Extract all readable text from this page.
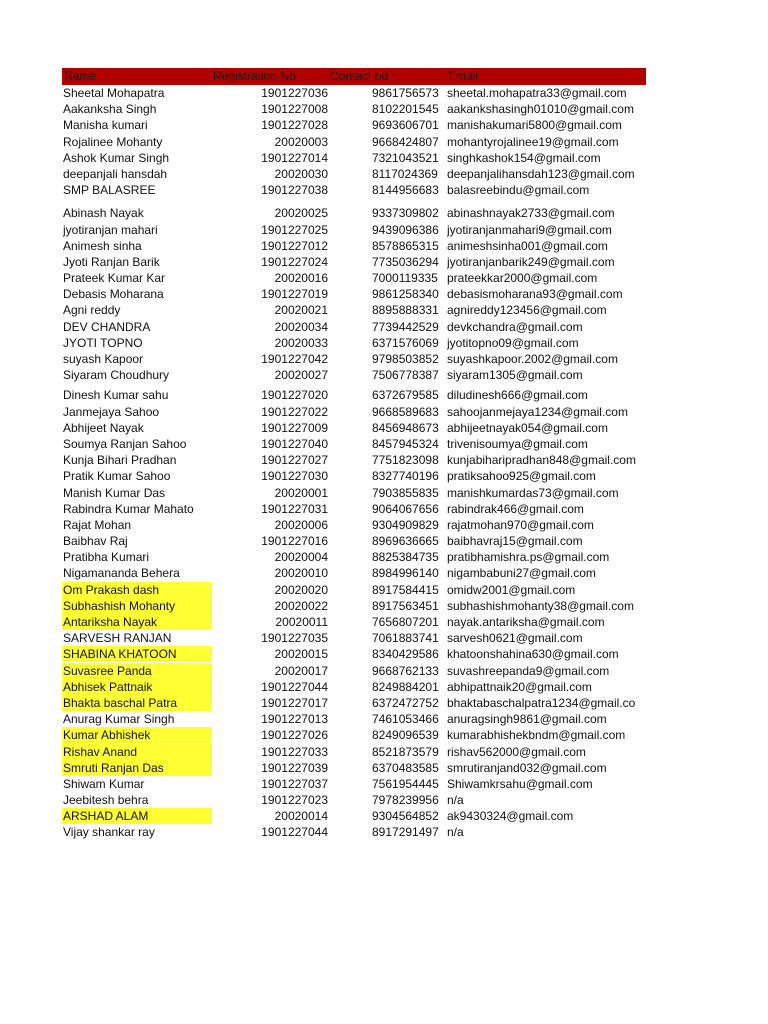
Name	Registration No	Contact no	Email
Sheetal Mohapatra	1901227036	9861756573 sheetal.mohapatra33@gmail.com
Aakanksha Singh	1901227008	8102201545 aakankshasingh01010@gmail.com
Manisha kumari	1901227028	9693606701 manishakumari5800@gmail.com
Rojalinee Mohanty	20020003	9668424807 mohantyrojalinee19@gmail.com
Ashok Kumar Singh	1901227014	7321043521 singhkashok154@gmail.com
deepanjali hansdah	20020030	8117024369 deepanjalihansdah123@gmail.com
SMP BALASREE	1901227038	8144956683 balasreebindu@gmail.com
Abinash Nayak	20020025	9337309802 abinashnayak2733@gmail.com
jyotiranjan mahari	1901227025	9439096386 jyotiranjanmahari9@gmail.com
Animesh sinha	1901227012	8578865315 animeshsinha001@gmail.com
Jyoti Ranjan Barik	1901227024	7735036294 jyotiranjanbarik249@gmail.com
Prateek Kumar Kar	20020016	7000119335 prateekkar2000@gmail.com
Debasis Moharana	1901227019	9861258340 debasismoharana93@gmail.com
Agni reddy	20020021	8895888331 agnireddy123456@gmail.com
DEV CHANDRA	20020034	7739442529 devkchandra@gmail.com
JYOTI TOPNO	20020033	6371576069 jyotitopno09@gmail.com
suyash Kapoor	1901227042	9798503852 suyashkapoor.2002@gmail.com
Siyaram Choudhury	20020027	7506778387 siyaram1305@gmail.com
Dinesh Kumar sahu	1901227020	6372679585 diludinesh666@gmail.com
Janmejaya Sahoo	1901227022	9668589683 sahoojanmejaya1234@gmail.com
Abhijeet Nayak	1901227009	8456948673 abhijeetnayak054@gmail.com
Soumya Ranjan Sahoo	1901227040	8457945324 trivenisoumya@gmail.com
Kunja Bihari Pradhan	1901227027	7751823098 kunjabiharipradhan848@gmail.com
Pratik Kumar Sahoo	1901227030	8327740196 pratiksahoo925@gmail.com
Manish Kumar Das	20020001	7903855835 manishkumardas73@gmail.com
Rabindra Kumar Mahato	1901227031	9064067656 rabindrak466@gmail.com
Rajat Mohan	20020006	9304909829 rajatmohan970@gmail.com
Baibhav Raj	1901227016	8969636665 baibhavraj15@gmail.com
Pratibha Kumari	20020004	8825384735 pratibhamishra.ps@gmail.com
Nigamananda Behera	20020010	8984996140 nigambabuni27@gmail.com
Om Prakash dash	20020020	8917584415 omidw2001@gmail.com
Subhashish Mohanty	20020022	8917563451 subhashishmohanty38@gmail.com
Antariksha Nayak	20020011	7656807201 nayak.antariksha@gmail.com
SARVESH RANJAN	1901227035	7061883741 sarvesh0621@gmail.com
SHABINA KHATOON	20020015	8340429586 khatoonshahina630@gmail.com
Suvasree Panda	20020017	9668762133 suvashreepanda9@gmail.com
Abhisek Pattnaik	1901227044	8249884201 abhipattnaik20@gmail.com
Bhakta baschal Patra	1901227017	6372472752 bhaktabaschalpatra1234@gmail.co
Anurag Kumar Singh	1901227013	7461053466 anuragsingh9861@gmail.com
Kumar Abhishek	1901227026	8249096539 kumarabhishekbndm@gmail.com
Rishav Anand	1901227033	8521873579 rishav562000@gmail.com
Smruti Ranjan Das	1901227039	6370483585 smrutiranjand032@gmail.com
Shiwam Kumar	1901227037	7561954445 Shiwamkrsahu@gmail.com
Jeebitesh behra	1901227023	7978239956 n/a
ARSHAD ALAM	20020014	9304564852 ak9430324@gmail.com
Vijay shankar ray	1901227044	8917291497 n/a
